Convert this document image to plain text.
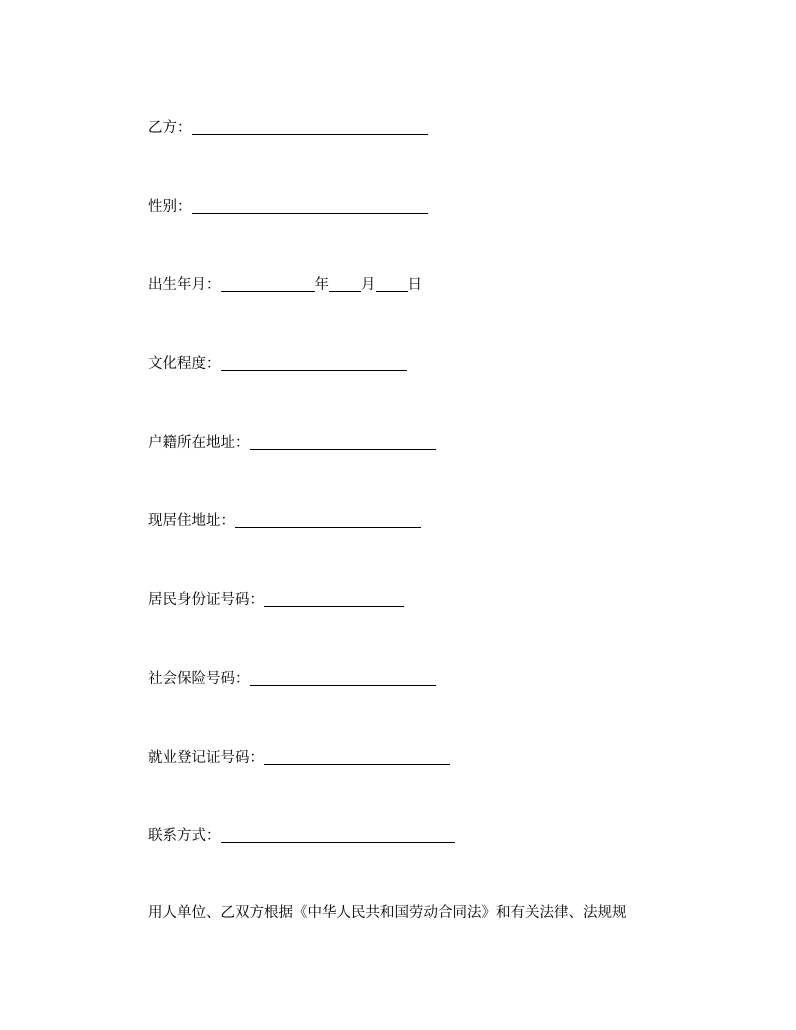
乙方：
性别：
出生年月：	年 月 日
文化程度：
户籍所在地址：
现居住地址：
居民身份证号码：
社会保险号码：
就业登记证号码：
联系方式：
用人单位、乙双方根据《中华人民共和国劳动合同法》和有关法律、法规规
